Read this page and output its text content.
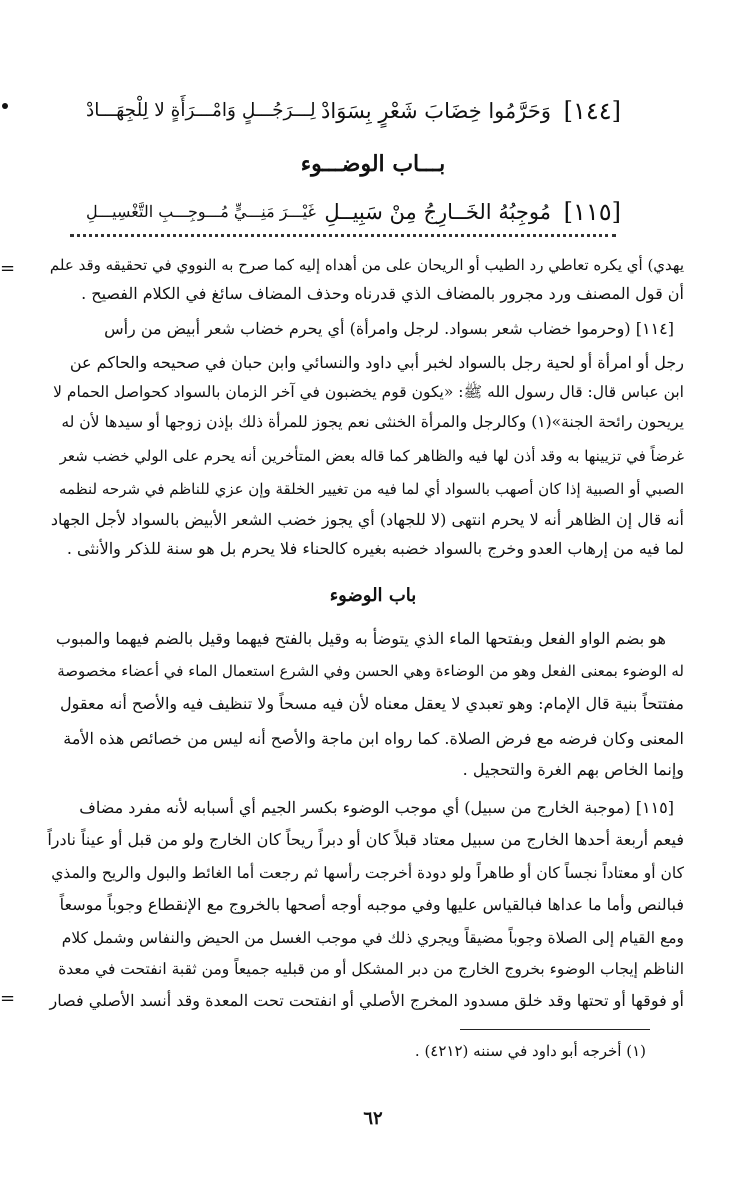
[١٤٤]
وَحَرَّمُوا خِضَابَ شَعْرٍ بِسَوَادْ
لِـــرَجُـــلٍ وَامْـــرَأَةٍ لا لِلْجِهَـــادْ
بـــاب الوضـــوء
[١١٥]
مُوجِبُهُ الخَــارِجُ مِنْ سَبِيــلِ
غَيْـــرَ مَنِـــيٍّ مُـــوجِـــبِ التَّغْسِيـــلِ
= يهدي) أي يكره تعاطي رد الطيب أو الريحان على من أهداه إليه كما صرح به النووي في تحقيقه وقد علم
أن قول المصنف ورد مجرور بالمضاف الذي قدرناه وحذف المضاف سائغ في الكلام الفصيح .
[١١٤] (وحرموا خضاب شعر بسواد. لرجل وامرأة) أي يحرم خضاب شعر أبيض من رأس
رجل أو امرأة أو لحية رجل بالسواد لخبر أبي داود والنسائي وابن حبان في صحيحه والحاكم عن
ابن عباس قال: قال رسول الله ﷺ: «يكون قوم يخضبون في آخر الزمان بالسواد كحواصل الحمام لا
يريحون رائحة الجنة»(١) وكالرجل والمرأة الخنثى نعم يجوز للمرأة ذلك بإذن زوجها أو سيدها لأن له
غرضاً في تزيينها به وقد أذن لها فيه والظاهر كما قاله بعض المتأخرين أنه يحرم على الولي خضب شعر
الصبي أو الصبية إذا كان أصهب بالسواد أي لما فيه من تغيير الخلقة وإن عزي للناظم في شرحه لنظمه
أنه قال إن الظاهر أنه لا يحرم انتهى (لا للجهاد) أي يجوز خضب الشعر الأبيض بالسواد لأجل الجهاد
لما فيه من إرهاب العدو وخرج بالسواد خضبه بغيره كالحناء فلا يحرم بل هو سنة للذكر والأنثى .
باب الوضوء
هو بضم الواو الفعل وبفتحها الماء الذي يتوضأ به وقيل بالفتح فيهما وقيل بالضم فيهما والمبوب
له الوضوء بمعنى الفعل وهو من الوضاءة وهي الحسن وفي الشرع استعمال الماء في أعضاء مخصوصة
مفتتحاً بنية قال الإمام: وهو تعبدي لا يعقل معناه لأن فيه مسحاً ولا تنظيف فيه والأصح أنه معقول
المعنى وكان فرضه مع فرض الصلاة. كما رواه ابن ماجة والأصح أنه ليس من خصائص هذه الأمة
وإنما الخاص بهم الغرة والتحجيل .
[١١٥] (موجبة الخارج من سبيل) أي موجب الوضوء بكسر الجيم أي أسبابه لأنه مفرد مضاف
فيعم أربعة أحدها الخارج من سبيل معتاد قبلاً كان أو دبراً ريحاً كان الخارج ولو من قبل أو عيناً نادراً
كان أو معتاداً نجساً كان أو طاهراً ولو دودة أخرجت رأسها ثم رجعت أما الغائط والبول والريح والمذي
فبالنص وأما ما عداها فبالقياس عليها وفي موجبه أوجه أصحها بالخروج مع الإنقطاع وجوباً موسعاً
ومع القيام إلى الصلاة وجوباً مضيقاً ويجري ذلك في موجب الغسل من الحيض والنفاس وشمل كلام
الناظم إيجاب الوضوء بخروج الخارج من دبر المشكل أو من قبليه جميعاً ومن ثقبة انفتحت في معدة
أو فوقها أو تحتها وقد خلق مسدود المخرج الأصلي أو انفتحت تحت المعدة وقد أنسد الأصلي فصار
=
(١) أخرجه أبو داود في سننه (٤٢١٢) .
٦٢
